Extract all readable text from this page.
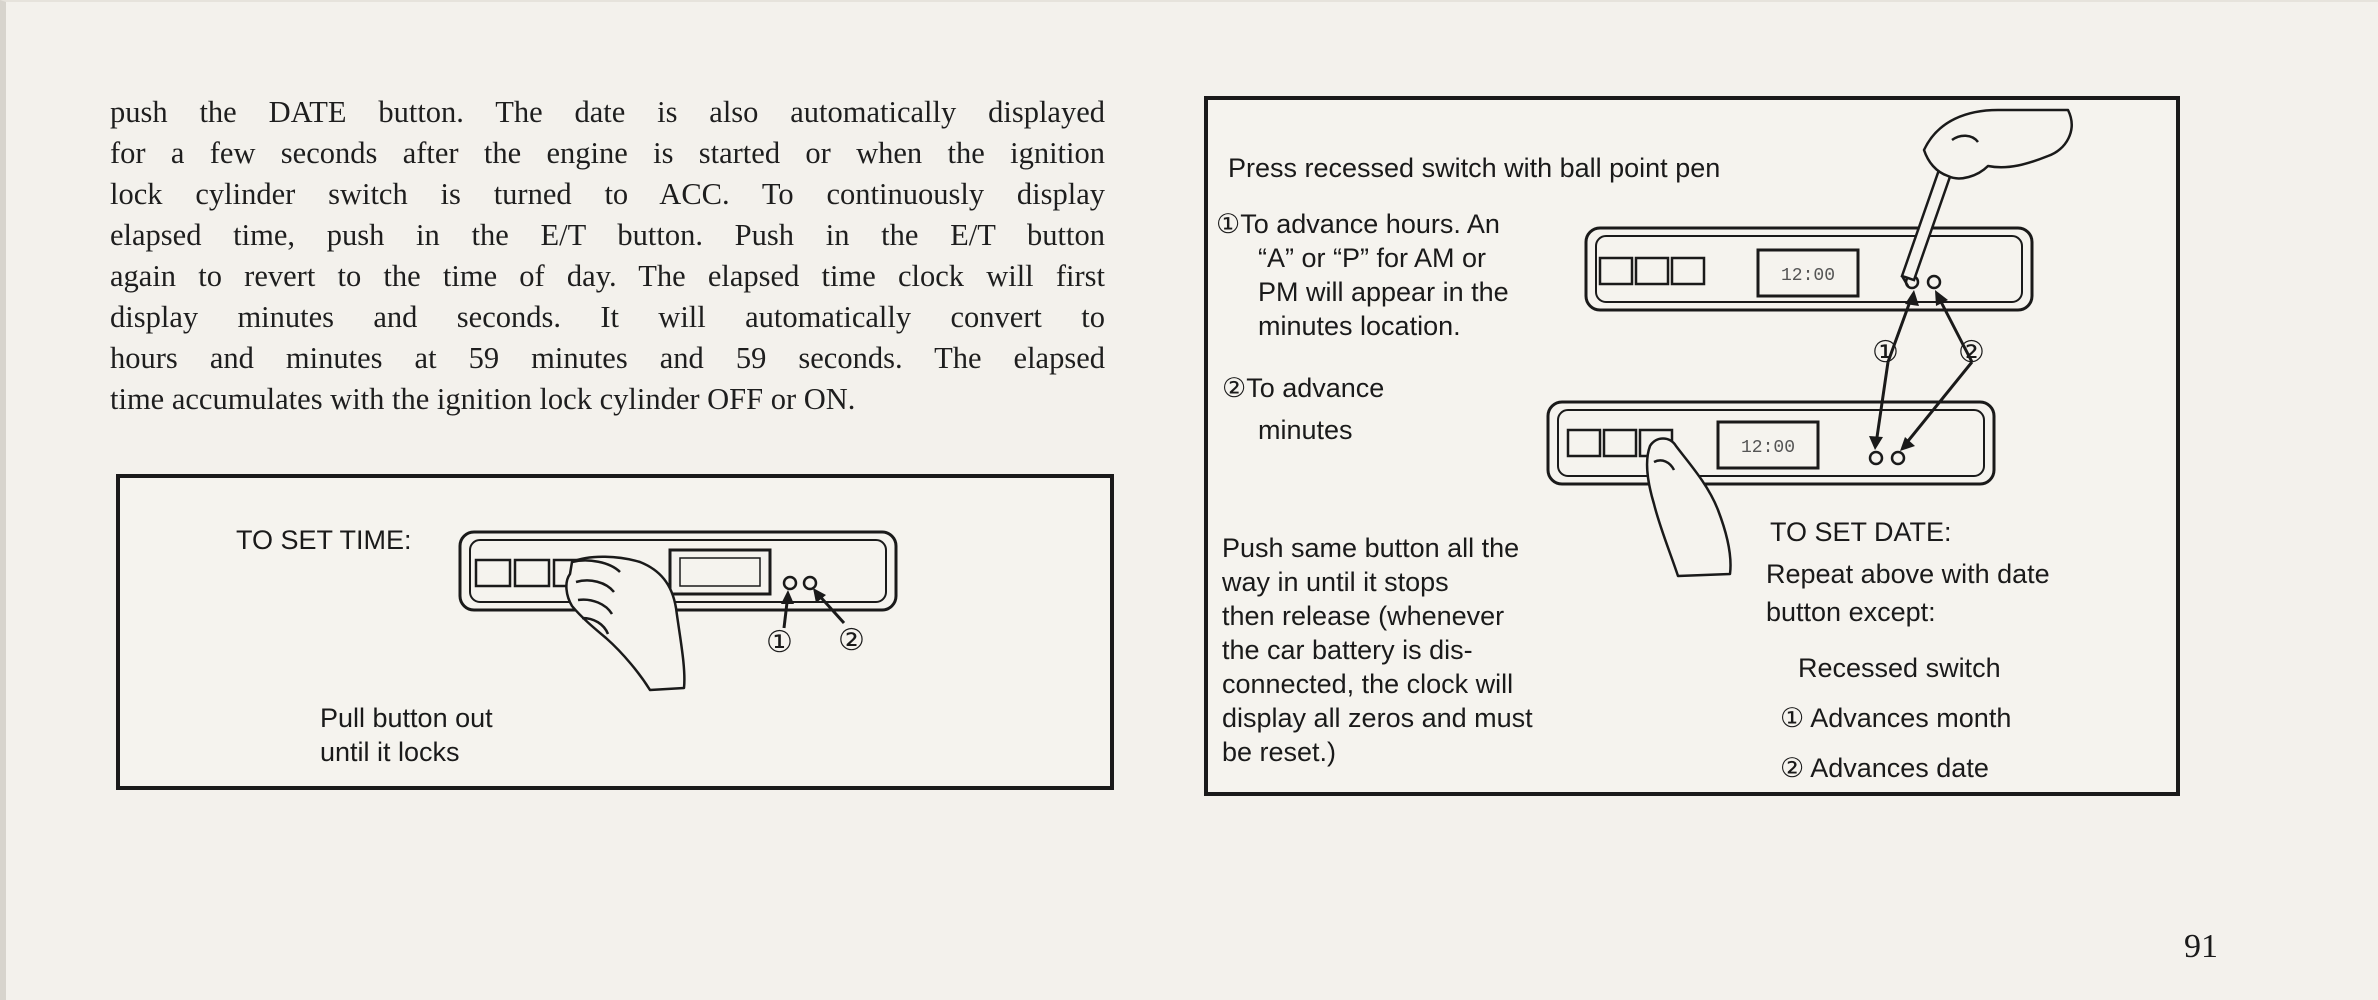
push the DATE button. The date is also automatically displayed
for a few seconds after the engine is started or when the ignition
lock cylinder switch is turned to ACC. To continuously display
elapsed time, push in the E/T button. Push in the E/T button
again to revert to the time of day. The elapsed time clock will first
display minutes and seconds. It will automatically convert to
hours and minutes at 59 minutes and 59 seconds. The elapsed
time accumulates with the ignition lock cylinder OFF or ON.
TO SET TIME:
① ②
Pull button out
until it locks
12:00
12:00
Press recessed switch with ball point pen
①To advance hours. An
“A” or “P” for AM or
PM will appear in the
minutes location.
②To advance
minutes
① ②
Push same button all the
way in until it stops
then release (whenever
the car battery is dis-
connected, the clock will
display all zeros and must
be reset.)
TO SET DATE:
Repeat above with date
button except:
Recessed switch
① Advances month
② Advances date
91
